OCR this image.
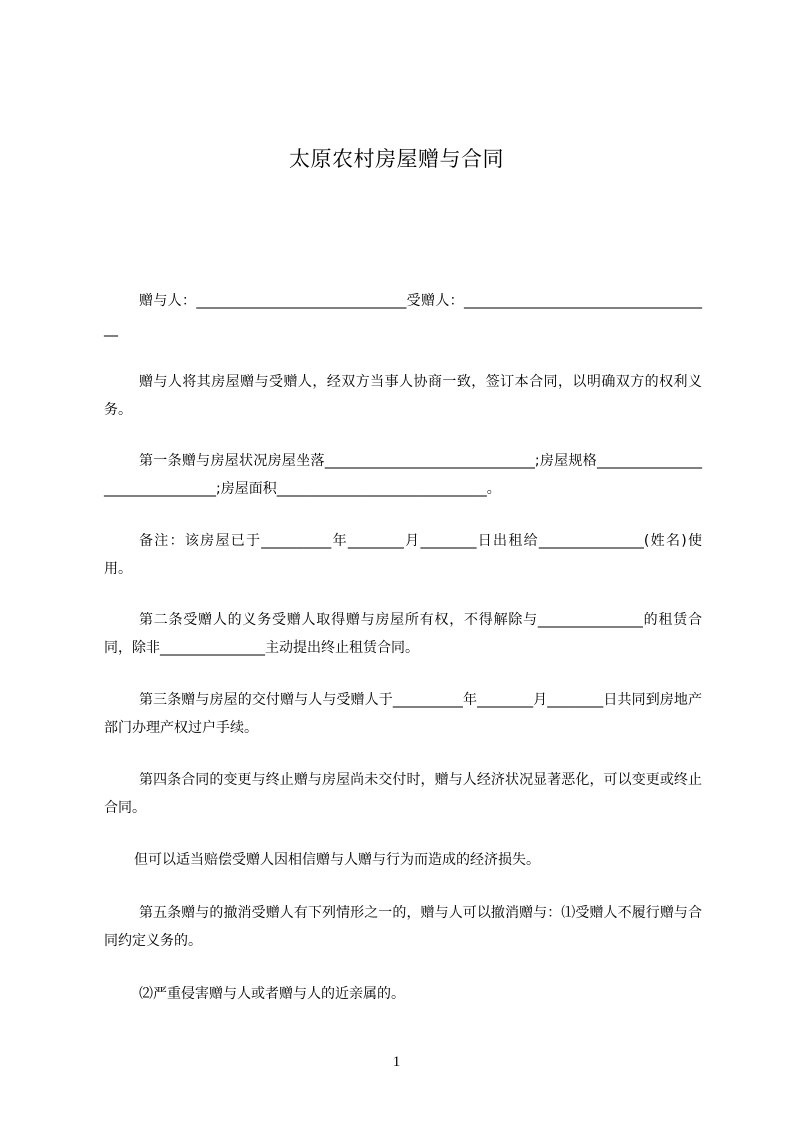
太原农村房屋赠与合同
赠与人：______________________________受赠人：____________________________________
赠与人将其房屋赠与受赠人，经双方当事人协商一致，签订本合同，以明确双方的权利义务。
第一条赠与房屋状况房屋坐落______________________________;房屋规格_______________________________;房屋面积______________________________。
备注：该房屋已于__________年________月________日出租给_______________(姓名)使用。
第二条受赠人的义务受赠人取得赠与房屋所有权，不得解除与_______________的租赁合同，除非_______________主动提出终止租赁合同。
第三条赠与房屋的交付赠与人与受赠人于__________年________月________日共同到房地产部门办理产权过户手续。
第四条合同的变更与终止赠与房屋尚未交付时，赠与人经济状况显著恶化，可以变更或终止合同。
但可以适当赔偿受赠人因相信赠与人赠与行为而造成的经济损失。
第五条赠与的撤消受赠人有下列情形之一的，赠与人可以撤消赠与：⑴受赠人不履行赠与合同约定义务的。
⑵严重侵害赠与人或者赠与人的近亲属的。
1
